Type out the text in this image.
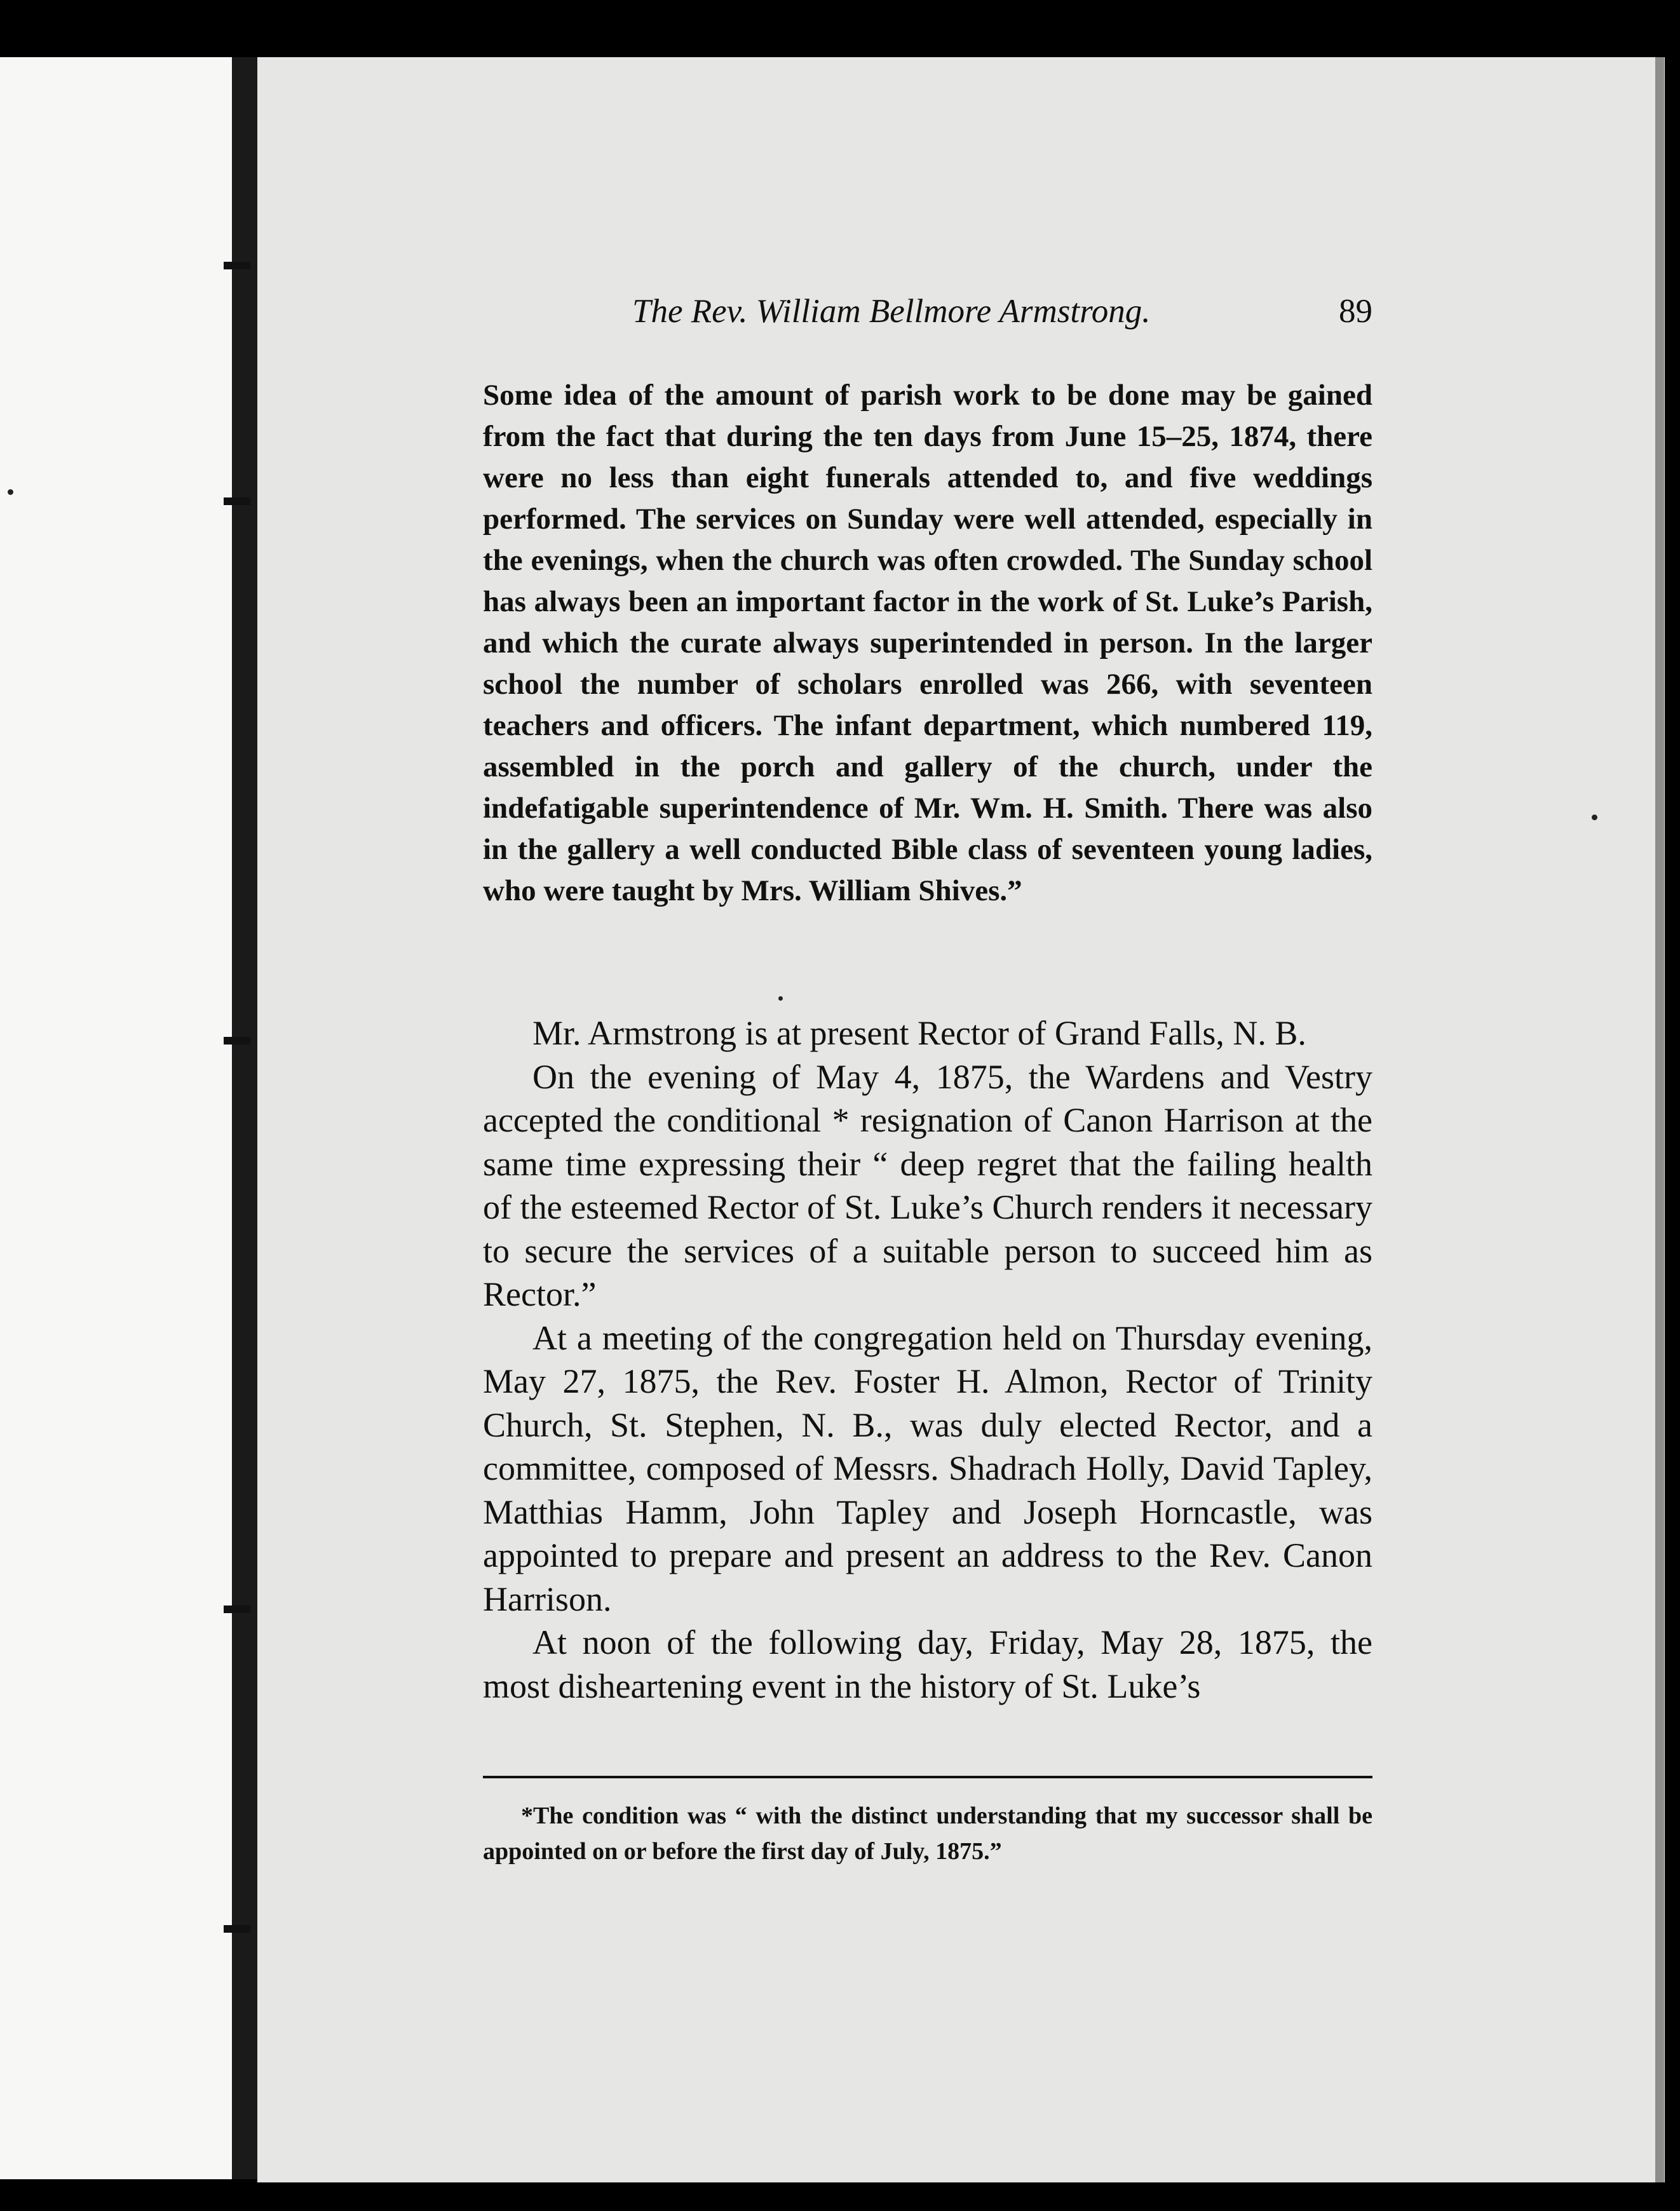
The Rev. William Bellmore Armstrong.	89
Some idea of the amount of parish work to be done may be gained from the fact that during the ten days from June 15–25, 1874, there were no less than eight funerals attended to, and five weddings performed. The services on Sunday were well attended, especially in the evenings, when the church was often crowded. The Sunday school has always been an important factor in the work of St. Luke’s Parish, and which the curate always superintended in person. In the larger school the number of scholars enrolled was 266, with seventeen teachers and officers. The infant department, which numbered 119, assembled in the porch and gallery of the church, under the indefatigable superintendence of Mr. Wm. H. Smith. There was also in the gallery a well conducted Bible class of seventeen young ladies, who were taught by Mrs. William Shives.”

Mr. Armstrong is at present Rector of Grand Falls, N. B.

On the evening of May 4, 1875, the Wardens and Vestry accepted the conditional * resignation of Canon Harrison at the same time expressing their “ deep regret that the failing health of the esteemed Rector of St. Luke’s Church renders it necessary to secure the services of a suitable person to succeed him as Rector.”

At a meeting of the congregation held on Thursday evening, May 27, 1875, the Rev. Foster H. Almon, Rector of Trinity Church, St. Stephen, N. B., was duly elected Rector, and a committee, composed of Messrs. Shadrach Holly, David Tapley, Matthias Hamm, John Tapley and Joseph Horncastle, was appointed to prepare and present an address to the Rev. Canon Harrison.

At noon of the following day, Friday, May 28, 1875, the most disheartening event in the history of St. Luke’s

*The condition was “ with the distinct understanding that my successor shall be appointed on or before the first day of July, 1875.”
